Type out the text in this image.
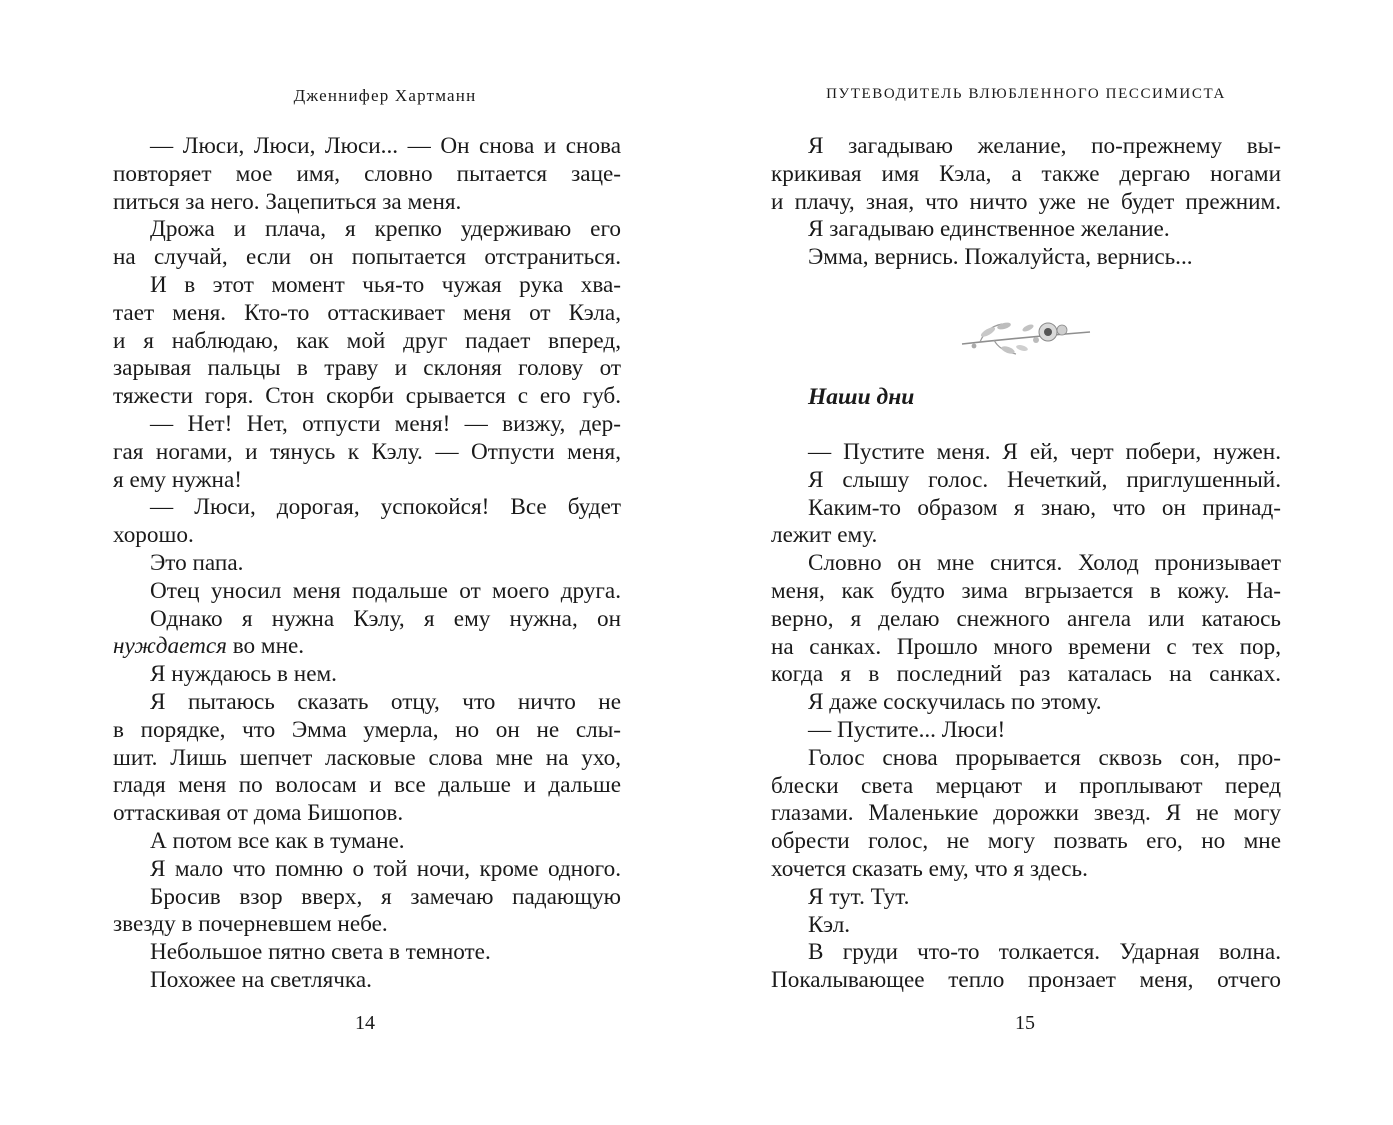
Дженнифер Хартманн
— Люси, Люси, Люси... — Он снова и снова
повторяет мое имя, словно пытается заце-
питься за него. Зацепиться за меня.
Дрожа и плача, я крепко удерживаю его
на случай, если он попытается отстраниться.
И в этот момент чья-то чужая рука хва-
тает меня. Кто-то оттаскивает меня от Кэла,
и я наблюдаю, как мой друг падает вперед,
зарывая пальцы в траву и склоняя голову от
тяжести горя. Стон скорби срывается с его губ.
— Нет! Нет, отпусти меня! — визжу, дер-
гая ногами, и тянусь к Кэлу. — Отпусти меня,
я ему нужна!
— Люси, дорогая, успокойся! Все будет
хорошо.
Это папа.
Отец уносил меня подальше от моего друга.
Однако я нужна Кэлу, я ему нужна, он
нуждается во мне.
Я нуждаюсь в нем.
Я пытаюсь сказать отцу, что ничто не
в порядке, что Эмма умерла, но он не слы-
шит. Лишь шепчет ласковые слова мне на ухо,
гладя меня по волосам и все дальше и дальше
оттаскивая от дома Бишопов.
А потом все как в тумане.
Я мало что помню о той ночи, кроме одного.
Бросив взор вверх, я замечаю падающую
звезду в почерневшем небе.
Небольшое пятно света в темноте.
Похожее на светлячка.
14
ПУТЕВОДИТЕЛЬ ВЛЮБЛЕННОГО ПЕССИМИСТА
Я загадываю желание, по-прежнему вы-
крикивая имя Кэла, а также дергаю ногами
и плачу, зная, что ничто уже не будет прежним.
Я загадываю единственное желание.
Эмма, вернись. Пожалуйста, вернись...
Наши дни
— Пустите меня. Я ей, черт побери, нужен.
Я слышу голос. Нечеткий, приглушенный.
Каким-то образом я знаю, что он принад-
лежит ему.
Словно он мне снится. Холод пронизывает
меня, как будто зима вгрызается в кожу. На-
верно, я делаю снежного ангела или катаюсь
на санках. Прошло много времени с тех пор,
когда я в последний раз каталась на санках.
Я даже соскучилась по этому.
— Пустите... Люси!
Голос снова прорывается сквозь сон, про-
блески света мерцают и проплывают перед
глазами. Маленькие дорожки звезд. Я не могу
обрести голос, не могу позвать его, но мне
хочется сказать ему, что я здесь.
Я тут. Тут.
Кэл.
В груди что-то толкается. Ударная волна.
Покалывающее тепло пронзает меня, отчего
15
